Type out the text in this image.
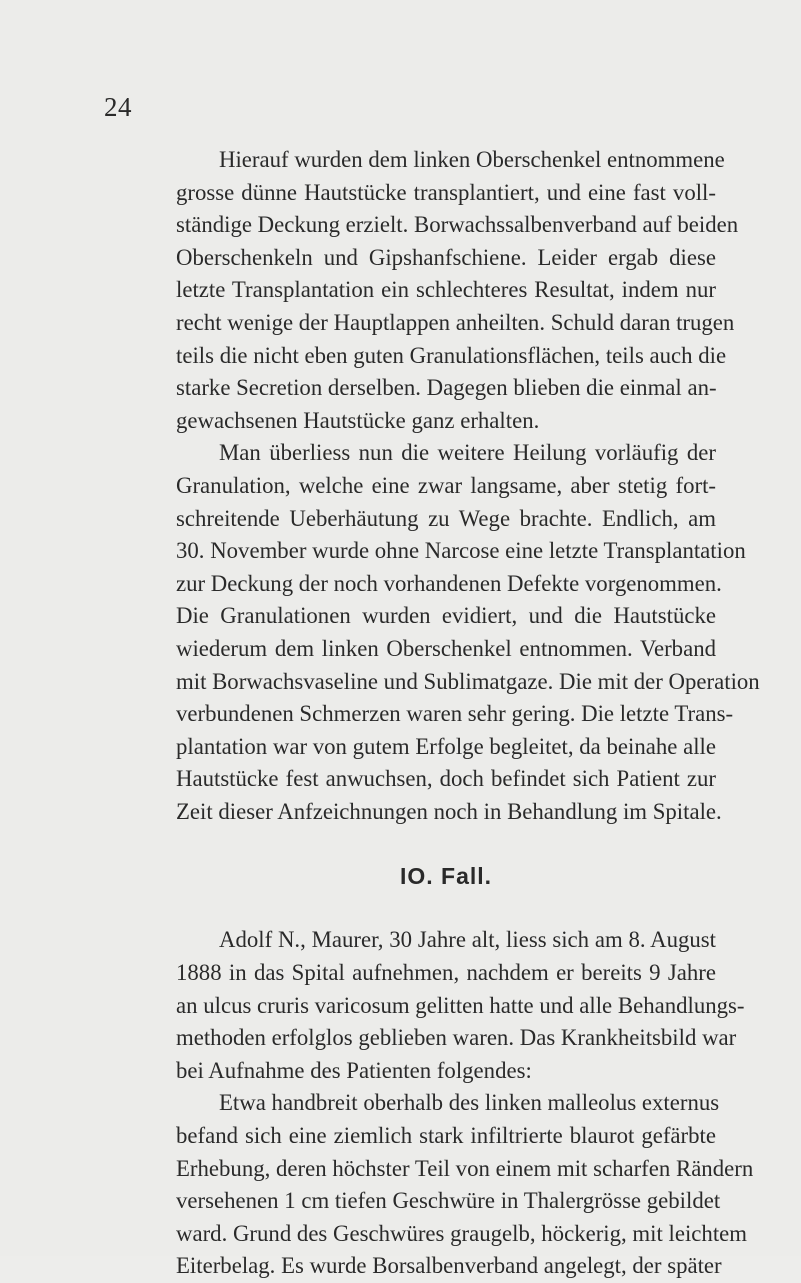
24
Hierauf wurden dem linken Oberschenkel entnommene
grosse dünne Hautstücke transplantiert, und eine fast voll-
ständige Deckung erzielt. Borwachssalbenverband auf beiden
Oberschenkeln und Gipshanfschiene. Leider ergab diese
letzte Transplantation ein schlechteres Resultat, indem nur
recht wenige der Hauptlappen anheilten. Schuld daran trugen
teils die nicht eben guten Granulationsflächen, teils auch die
starke Secretion derselben. Dagegen blieben die einmal an-
gewachsenen Hautstücke ganz erhalten.
Man überliess nun die weitere Heilung vorläufig der
Granulation, welche eine zwar langsame, aber stetig fort-
schreitende Ueberhäutung zu Wege brachte. Endlich, am
30. November wurde ohne Narcose eine letzte Transplantation
zur Deckung der noch vorhandenen Defekte vorgenommen.
Die Granulationen wurden evidiert, und die Hautstücke
wiederum dem linken Oberschenkel entnommen. Verband
mit Borwachsvaseline und Sublimatgaze. Die mit der Operation
verbundenen Schmerzen waren sehr gering. Die letzte Trans-
plantation war von gutem Erfolge begleitet, da beinahe alle
Hautstücke fest anwuchsen, doch befindet sich Patient zur
Zeit dieser Anfzeichnungen noch in Behandlung im Spitale.
IO. Fall.
Adolf N., Maurer, 30 Jahre alt, liess sich am 8. August
1888 in das Spital aufnehmen, nachdem er bereits 9 Jahre
an ulcus cruris varicosum gelitten hatte und alle Behandlungs-
methoden erfolglos geblieben waren. Das Krankheitsbild war
bei Aufnahme des Patienten folgendes:
Etwa handbreit oberhalb des linken malleolus externus
befand sich eine ziemlich stark infiltrierte blaurot gefärbte
Erhebung, deren höchster Teil von einem mit scharfen Rändern
versehenen 1 cm tiefen Geschwüre in Thalergrösse gebildet
ward. Grund des Geschwüres graugelb, höckerig, mit leichtem
Eiterbelag. Es wurde Borsalbenverband angelegt, der später
